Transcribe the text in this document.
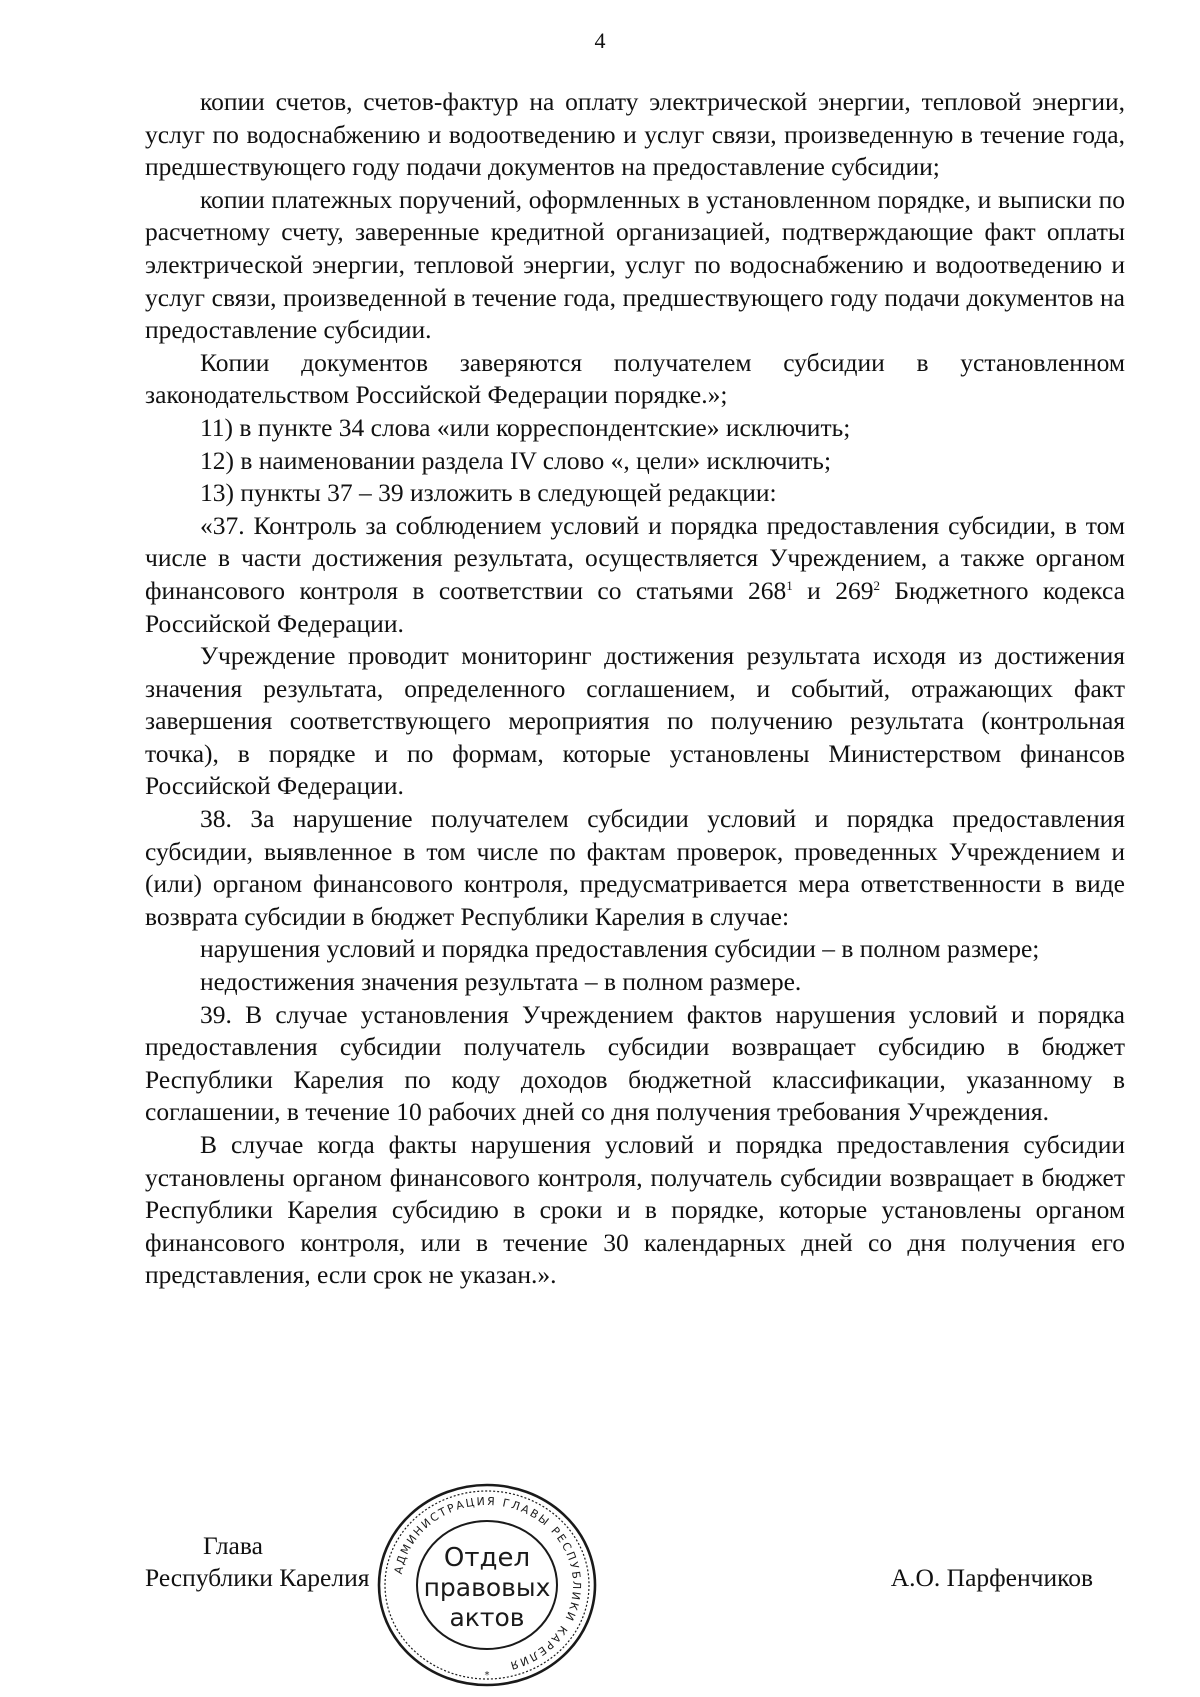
4

копии счетов, счетов-фактур на оплату электрической энергии, тепловой энергии, услуг по водоснабжению и водоотведению и услуг связи, произведенную в течение года, предшествующего году подачи документов на предоставление субсидии;

копии платежных поручений, оформленных в установленном порядке, и выписки по расчетному счету, заверенные кредитной организацией, подтверждающие факт оплаты электрической энергии, тепловой энергии, услуг по водоснабжению и водоотведению и услуг связи, произведенной в течение года, предшествующего году подачи документов на предоставление субсидии.

Копии документов заверяются получателем субсидии в установленном законодательством Российской Федерации порядке.»;

11) в пункте 34 слова «или корреспондентские» исключить;

12) в наименовании раздела IV слово «, цели» исключить;

13) пункты 37 – 39 изложить в следующей редакции:

«37. Контроль за соблюдением условий и порядка предоставления субсидии, в том числе в части достижения результата, осуществляется Учреждением, а также органом финансового контроля в соответствии со статьями $268^1$ и $269^2$ Бюджетного кодекса Российской Федерации.

Учреждение проводит мониторинг достижения результата исходя из достижения значения результата, определенного соглашением, и событий, отражающих факт завершения соответствующего мероприятия по получению результата (контрольная точка), в порядке и по формам, которые установлены Министерством финансов Российской Федерации.

38. За нарушение получателем субсидии условий и порядка предоставления субсидии, выявленное в том числе по фактам проверок, проведенных Учреждением и (или) органом финансового контроля, предусматривается мера ответственности в виде возврата субсидии в бюджет Республики Карелия в случае:

нарушения условий и порядка предоставления субсидии – в полном размере;

недостижения значения результата – в полном размере.

39. В случае установления Учреждением фактов нарушения условий и порядка предоставления субсидии получатель субсидии возвращает субсидию в бюджет Республики Карелия по коду доходов бюджетной классификации, указанному в соглашении, в течение 10 рабочих дней со дня получения требования Учреждения.

В случае когда факты нарушения условий и порядка предоставления субсидии установлены органом финансового контроля, получатель субсидии возвращает в бюджет Республики Карелия субсидию в сроки и в порядке, которые установлены органом финансового контроля, или в течение 30 календарных дней со дня получения его представления, если срок не указан.».

Глава
Республики Карелия	А.О. Парфенчиков
АДМИНИСТРАЦИЯ ГЛАВЫ РЕСПУБЛИКИ КАРЕЛИЯ
Отдел
правовых
актов
*
